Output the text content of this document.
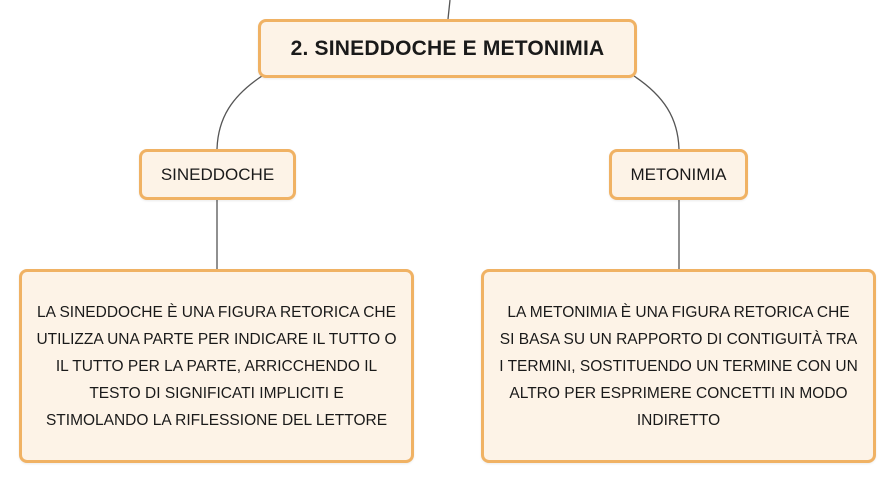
2. SINEDDOCHE E METONIMIA
SINEDDOCHE	METONIMIA
LA SINEDDOCHE È UNA FIGURA RETORICA CHE UTILIZZA UNA PARTE PER INDICARE IL TUTTO O IL TUTTO PER LA PARTE, ARRICCHENDO IL TESTO DI SIGNIFICATI IMPLICITI E STIMOLANDO LA RIFLESSIONE DEL LETTORE
LA METONIMIA È UNA FIGURA RETORICA CHE SI BASA SU UN RAPPORTO DI CONTIGUITÀ TRA I TERMINI, SOSTITUENDO UN TERMINE CON UN ALTRO PER ESPRIMERE CONCETTI IN MODO INDIRETTO
